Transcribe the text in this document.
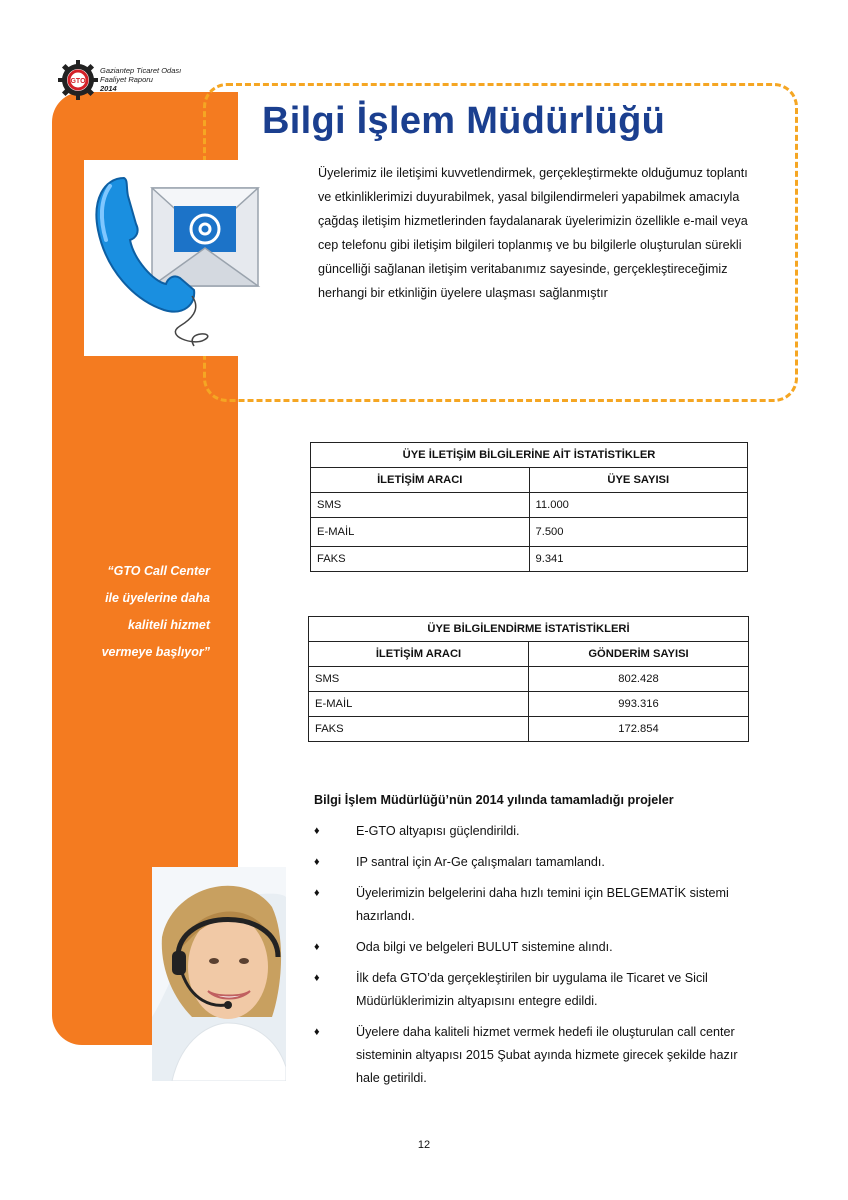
GTO
Gaziantep Ticaret Odası
Faaliyet Raporu
2014
Bilgi İşlem Müdürlüğü
Üyelerimiz ile iletişimi kuvvetlendirmek, gerçekleştirmekte olduğumuz toplantı ve etkinliklerimizi duyurabilmek, yasal bilgilendirmeleri yapabilmek amacıyla çağdaş iletişim hizmetlerinden faydalanarak üyelerimizin özellikle e-mail veya cep telefonu gibi iletişim bilgileri toplanmış ve bu bilgilerle oluşturulan sürekli güncelliği sağlanan iletişim veritabanımız sayesinde, gerçekleştireceğimiz herhangi bir etkinliğin üyelere ulaşması sağlanmıştır
“GTO Call Center ile üyelerine daha kaliteli hizmet vermeye başlıyor”
ÜYE İLETİŞİM BİLGİLERİNE AİT İSTATİSTİKLER	
İLETİŞİM ARACI	ÜYE SAYISI
SMS	11.000
E-MAİL	7.500
FAKS	9.341
ÜYE BİLGİLENDİRME İSTATİSTİKLERİ	
İLETİŞİM ARACI	GÖNDERİM SAYISI
SMS	802.428
E-MAİL	993.316
FAKS	172.854
Bilgi İşlem Müdürlüğü’nün 2014 yılında tamamladığı projeler
♦	E-GTO altyapısı güçlendirildi.
♦	IP santral için Ar-Ge çalışmaları tamamlandı.
♦	Üyelerimizin belgelerini daha hızlı temini için BELGEMATİK sistemi hazırlandı.
♦	Oda bilgi ve belgeleri BULUT sistemine alındı.
♦	İlk defa GTO’da gerçekleştirilen bir uygulama ile Ticaret ve Sicil Müdürlüklerimizin altyapısını entegre edildi.
♦	Üyelere daha kaliteli hizmet vermek hedefi ile oluşturulan call center sisteminin altyapısı 2015 Şubat ayında hizmete girecek şekilde hazır hale getirildi.
12
